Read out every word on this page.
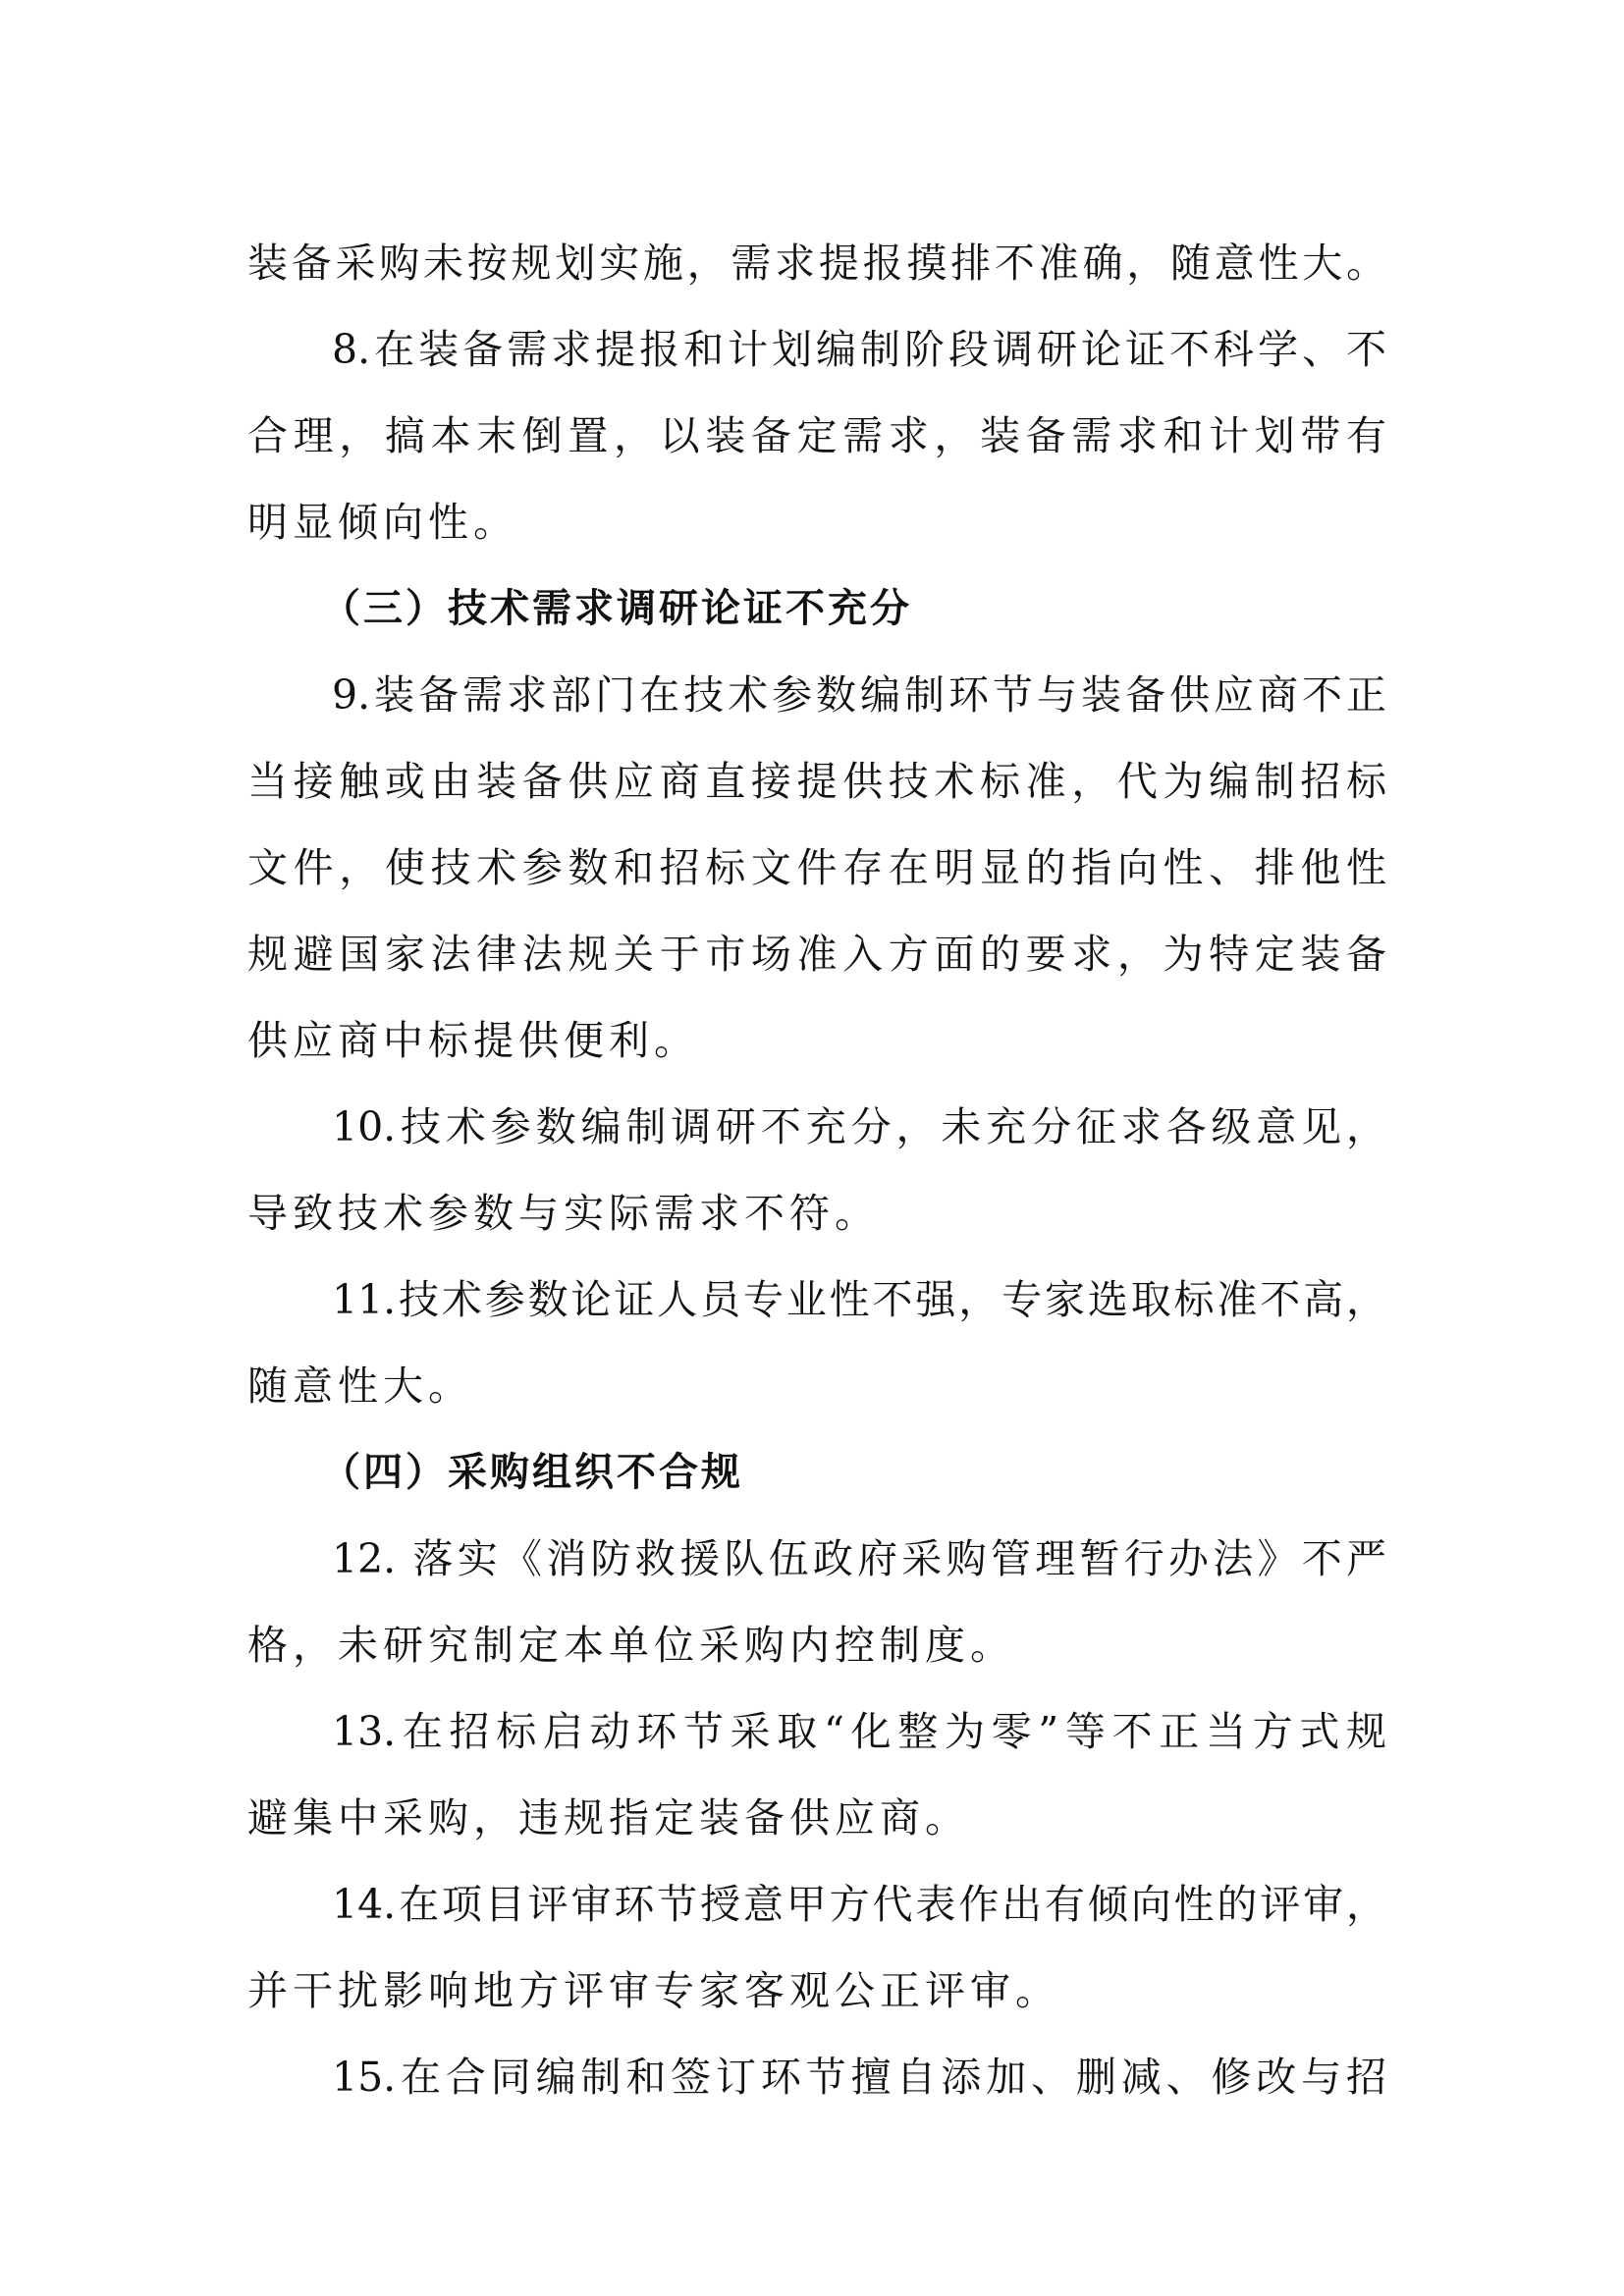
装备采购未按规划实施，需求提报摸排不准确，随意性大。
8.在装备需求提报和计划编制阶段调研论证不科学、不
合理，搞本末倒置，以装备定需求，装备需求和计划带有
明显倾向性。
（三）技术需求调研论证不充分
9.装备需求部门在技术参数编制环节与装备供应商不正
当接触或由装备供应商直接提供技术标准，代为编制招标
文件，使技术参数和招标文件存在明显的指向性、排他性
规避国家法律法规关于市场准入方面的要求，为特定装备
供应商中标提供便利。
10.技术参数编制调研不充分，未充分征求各级意见，
导致技术参数与实际需求不符。
11.技术参数论证人员专业性不强，专家选取标准不高，
随意性大。
（四）采购组织不合规
12. 落实《消防救援队伍政府采购管理暂行办法》不严
格，未研究制定本单位采购内控制度。
13.在招标启动环节采取“化整为零”等不正当方式规
避集中采购，违规指定装备供应商。
14.在项目评审环节授意甲方代表作出有倾向性的评审，
并干扰影响地方评审专家客观公正评审。
15.在合同编制和签订环节擅自添加、删减、修改与招
